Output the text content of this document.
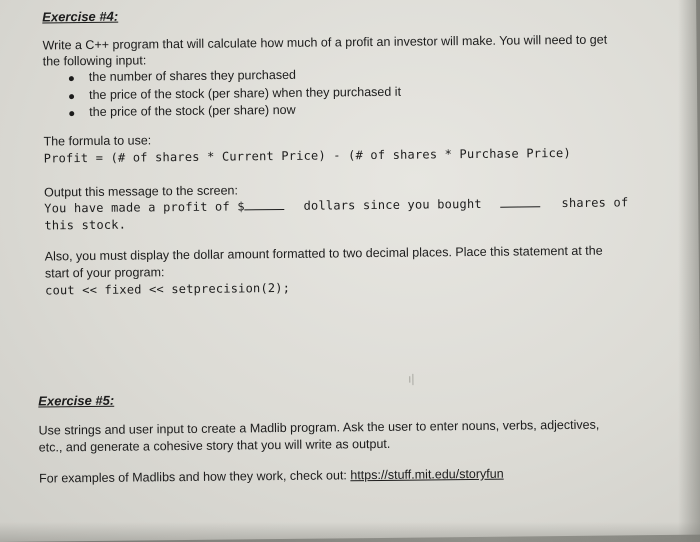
Exercise #4:
Write a C++ program that will calculate how much of a profit an investor will make. You will need to get
the following input:
the number of shares they purchased
the price of the stock (per share) when they purchased it
the price of the stock (per share) now
The formula to use:
Profit = (# of shares * Current Price) - (# of shares * Purchase Price)
Output this message to the screen:
You have made a profit of $	dollars since you bought	shares of
this stock.
Also, you must display the dollar amount formatted to two decimal places. Place this statement at the
start of your program:
cout << fixed << setprecision(2);
ı|
Exercise #5:
Use strings and user input to create a Madlib program. Ask the user to enter nouns, verbs, adjectives,
etc., and generate a cohesive story that you will write as output.
For examples of Madlibs and how they work, check out: https://stuff.mit.edu/storyfun
